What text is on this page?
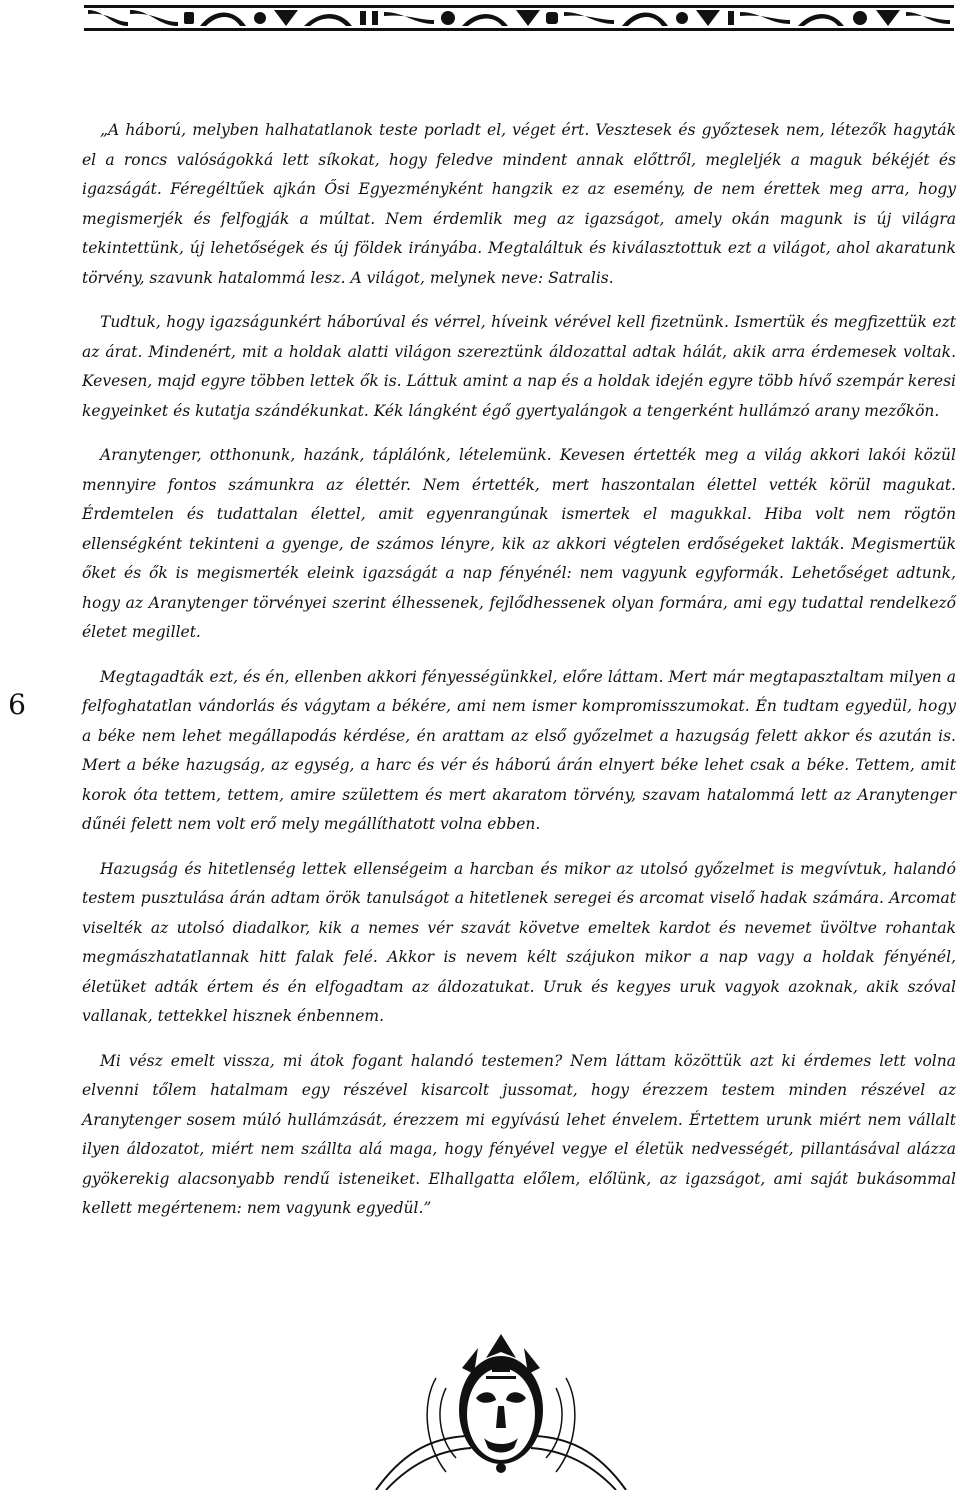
6

„A háború, melyben halhatatlanok teste porladt el, véget ért. Vesztesek és győztesek nem, létezők hagyták el a roncs valóságokká lett síkokat, hogy feledve mindent annak előttről, megleljék a maguk békéjét és igazságát. Féregéltűek ajkán Ősi Egyezményként hangzik ez az esemény, de nem érettek meg arra, hogy megismerjék és felfogják a múltat. Nem érdemlik meg az igazságot, amely okán magunk is új világra tekintettünk, új lehetőségek és új földek irányába. Megtaláltuk és kiválasztottuk ezt a világot, ahol akaratunk törvény, szavunk hatalommá lesz. A világot, melynek neve: Satralis.

Tudtuk, hogy igazságunkért háborúval és vérrel, híveink vérével kell fizetnünk. Ismertük és megfizettük ezt az árat. Mindenért, mit a holdak alatti világon szereztünk áldozattal adtak hálát, akik arra érdemesek voltak. Kevesen, majd egyre többen lettek ők is. Láttuk amint a nap és a holdak idején egyre több hívő szempár keresi kegyeinket és kutatja szándékunkat. Kék lángként égő gyertyalángok a tengerként hullámzó arany mezőkön.

Aranytenger, otthonunk, hazánk, táplálónk, lételemünk. Kevesen értették meg a világ akkori lakói közül mennyire fontos számunkra az élettér. Nem értették, mert haszontalan élettel vették körül magukat. Érdemtelen és tudattalan élettel, amit egyenrangúnak ismertek el magukkal. Hiba volt nem rögtön ellenségként tekinteni a gyenge, de számos lényre, kik az akkori végtelen erdőségeket lakták. Megismertük őket és ők is megismerték eleink igazságát a nap fényénél: nem vagyunk egyformák. Lehetőséget adtunk, hogy az Aranytenger törvényei szerint élhessenek, fejlődhessenek olyan formára, ami egy tudattal rendelkező életet megillet.

Megtagadták ezt, és én, ellenben akkori fényességünkkel, előre láttam. Mert már megtapasztaltam milyen a felfoghatatlan vándorlás és vágytam a békére, ami nem ismer kompromisszumokat. Én tudtam egyedül, hogy a béke nem lehet megállapodás kérdése, én arattam az első győzelmet a hazugság felett akkor és azután is. Mert a béke hazugság, az egység, a harc és vér és háború árán elnyert béke lehet csak a béke. Tettem, amit korok óta tettem, tettem, amire születtem és mert akaratom törvény, szavam hatalommá lett az Aranytenger dűnéi felett nem volt erő mely megállíthatott volna ebben.

Hazugság és hitetlenség lettek ellenségeim a harcban és mikor az utolsó győzelmet is megvívtuk, halandó testem pusztulása árán adtam örök tanulságot a hitetlenek seregei és arcomat viselő hadak számára. Arcomat viselték az utolsó diadalkor, kik a nemes vér szavát követve emeltek kardot és nevemet üvöltve rohantak megmászhatatlannak hitt falak felé. Akkor is nevem kélt szájukon mikor a nap vagy a holdak fényénél, életüket adták értem és én elfogadtam az áldozatukat. Uruk és kegyes uruk vagyok azoknak, akik szóval vallanak, tettekkel hisznek énbennem.

Mi vész emelt vissza, mi átok fogant halandó testemen? Nem láttam közöttük azt ki érdemes lett volna elvenni tőlem hatalmam egy részével kisarcolt jussomat, hogy érezzem testem minden részével az Aranytenger sosem múló hullámzását, érezzem mi egyívású lehet énvelem. Értettem urunk miért nem vállalt ilyen áldozatot, miért nem szállta alá maga, hogy fényével vegye el életük nedvességét, pillantásával alázza gyökerekig alacsonyabb rendű isteneiket. Elhallgatta előlem, előlünk, az igazságot, ami saját bukásommal kellett megértenem: nem vagyunk egyedül.”
